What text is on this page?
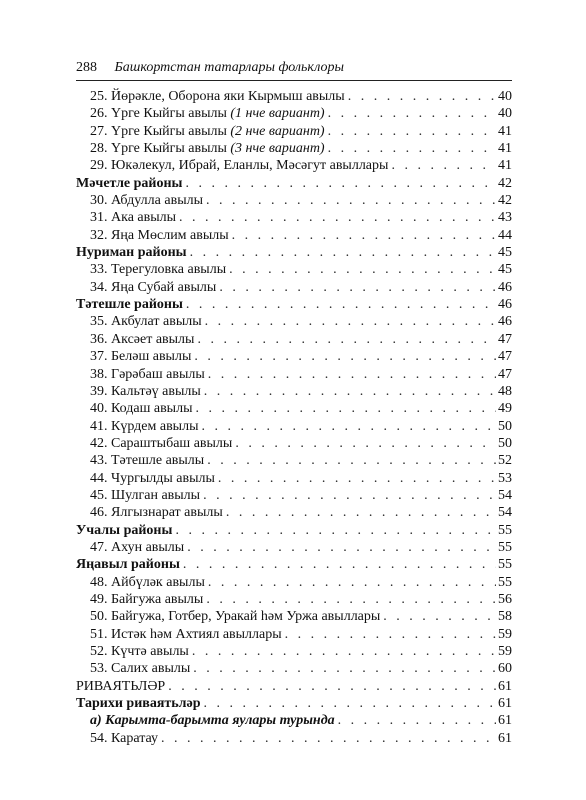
288 Башкортстан татарлары фольклоры
25. Йөрәкле, Оборона яки Кырмыш авылы . . .	40
26. Үрге Кыйгы авылы (1 нче вариант) . . .	40
27. Үрге Кыйгы авылы (2 нче вариант) . . .	41
28. Үрге Кыйгы авылы (3 нче вариант) . . .	41
29. Юкәлекул, Ибрай, Еланлы, Мәсәгут авыллары . . .	41
Мәчетле районы . . .	42
30. Абдулла авылы . . .	42
31. Ака авылы . . .	43
32. Яңа Мөслим авылы . . .	44
Нуриман районы . . .	45
33. Терегуловка авылы . . .	45
34. Яңа Субай авылы . . .	46
Тәтешле районы . . .	46
35. Акбулат авылы . . .	46
36. Аксәет авылы . . .	47
37. Беләш авылы . . .	47
38. Гәрәбаш авылы . . .	47
39. Кальтәү авылы . . .	48
40. Кодаш авылы . . .	49
41. Күрдем авылы . . .	50
42. Сараштыбаш авылы . . .	50
43. Тәтешле авылы . . .	52
44. Чургылды авылы . . .	53
45. Шулган авылы . . .	54
46. Ялгызнарат авылы . . .	54
Учалы районы . . .	55
47. Ахун авылы . . .	55
Яңавыл районы . . .	55
48. Айбүләк авылы . . .	55
49. Байгужа авылы . . .	56
50. Байгужа, Готбер, Уракай һәм Уржа авыллары . . .	58
51. Истәк һәм Ахтиял авыллары . . .	59
52. Күчтә авылы . . .	59
53. Салих авылы . . .	60
РИВАЯТЬЛӘР . . .	61
Тарихи риваятьләр . . .	61
а) Карымта-барымта яулары турында . . .	61
54. Каратау . . .	61
